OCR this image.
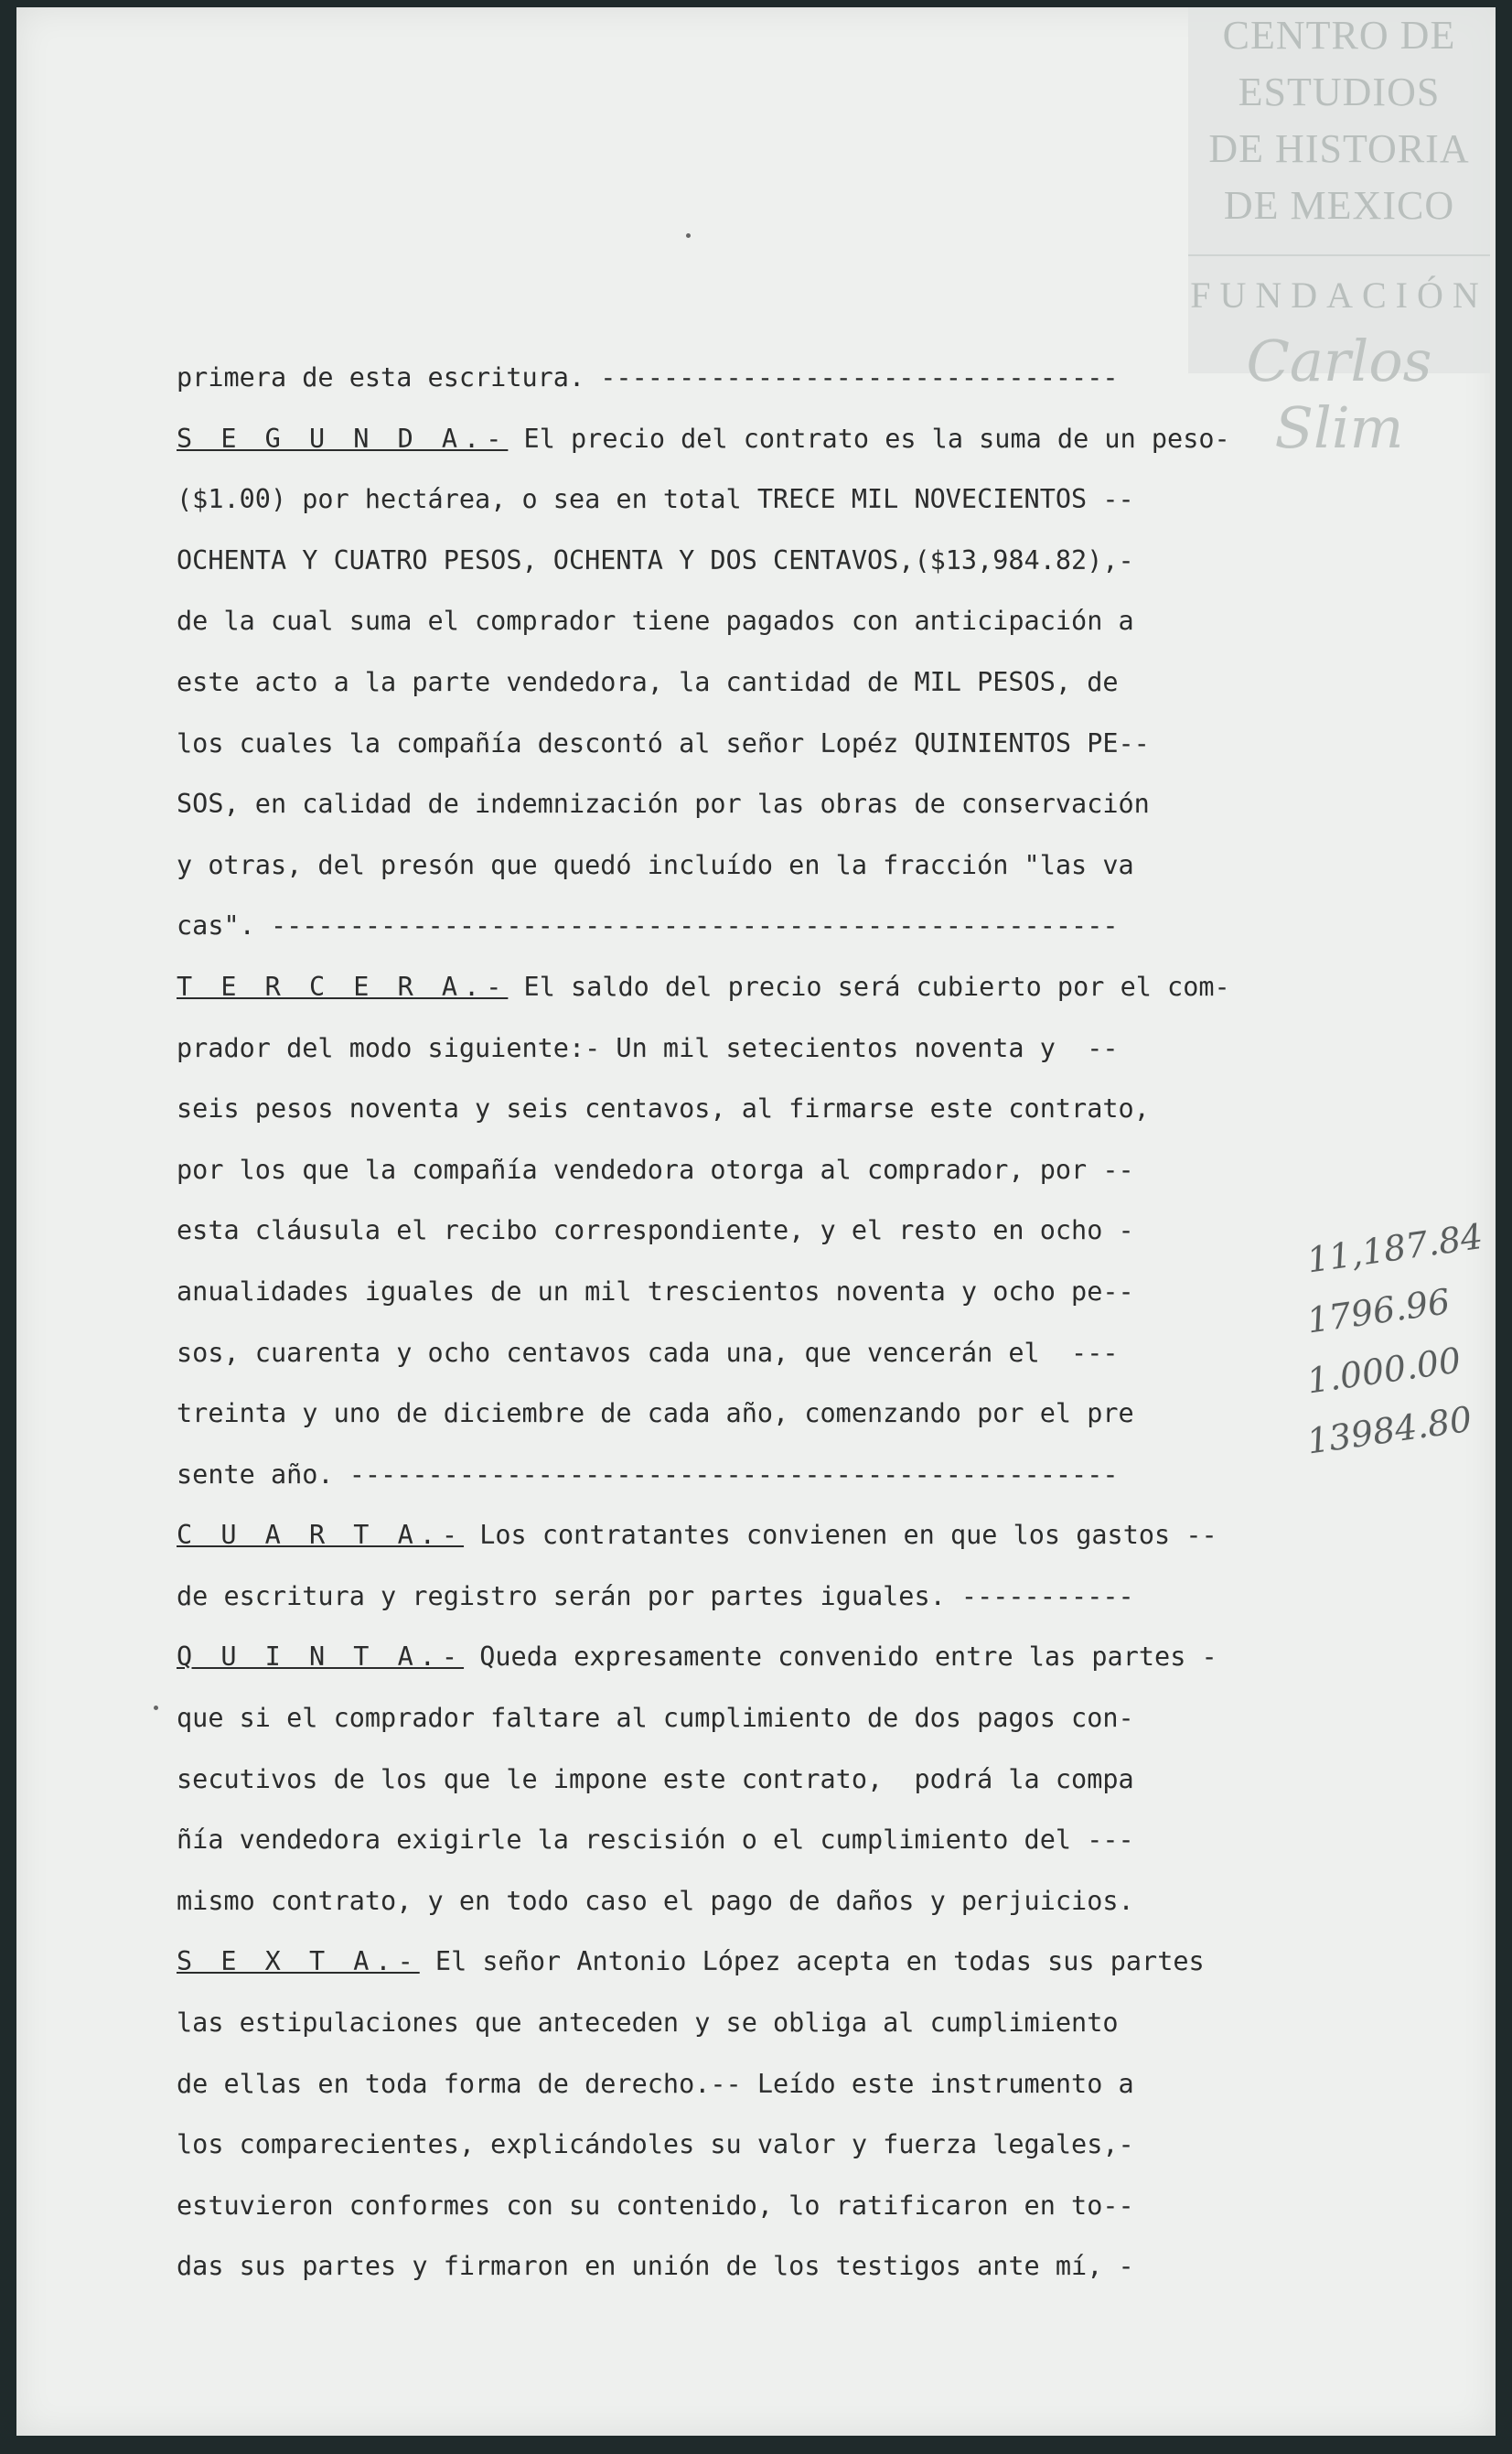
CENTRO DE
ESTUDIOS
DE HISTORIA
DE MEXICO
FUNDACIÓN
Carlos Slim
primera de esta escritura. ---------------------------------
S E G U N D A.- El precio del contrato es la suma de un peso-
($1.00) por hectárea, o sea en total TRECE MIL NOVECIENTOS --
OCHENTA Y CUATRO PESOS, OCHENTA Y DOS CENTAVOS,($13,984.82),-
de la cual suma el comprador tiene pagados con anticipación a
este acto a la parte vendedora, la cantidad de MIL PESOS, de
los cuales la compañía descontó al señor Lopéz QUINIENTOS PE--
SOS, en calidad de indemnización por las obras de conservación
y otras, del presón que quedó incluído en la fracción "las va
cas". ------------------------------------------------------
T E R C E R A.- El saldo del precio será cubierto por el com-
prador del modo siguiente:- Un mil setecientos noventa y  --
seis pesos noventa y seis centavos, al firmarse este contrato,
por los que la compañía vendedora otorga al comprador, por --
esta cláusula el recibo correspondiente, y el resto en ocho -
anualidades iguales de un mil trescientos noventa y ocho pe--
sos, cuarenta y ocho centavos cada una, que vencerán el  ---
treinta y uno de diciembre de cada año, comenzando por el pre
sente año. -------------------------------------------------
C U A R T A.- Los contratantes convienen en que los gastos --
de escritura y registro serán por partes iguales. -----------
Q U I N T A.- Queda expresamente convenido entre las partes -
que si el comprador faltare al cumplimiento de dos pagos con-
secutivos de los que le impone este contrato,  podrá la compa
ñía vendedora exigirle la rescisión o el cumplimiento del ---
mismo contrato, y en todo caso el pago de daños y perjuicios.
S E X T A.- El señor Antonio López acepta en todas sus partes
las estipulaciones que anteceden y se obliga al cumplimiento
de ellas en toda forma de derecho.-- Leído este instrumento a
los comparecientes, explicándoles su valor y fuerza legales,-
estuvieron conformes con su contenido, lo ratificaron en to--
das sus partes y firmaron en unión de los testigos ante mí, -
11,187.84
1796.96
1.000.00
13984.80
